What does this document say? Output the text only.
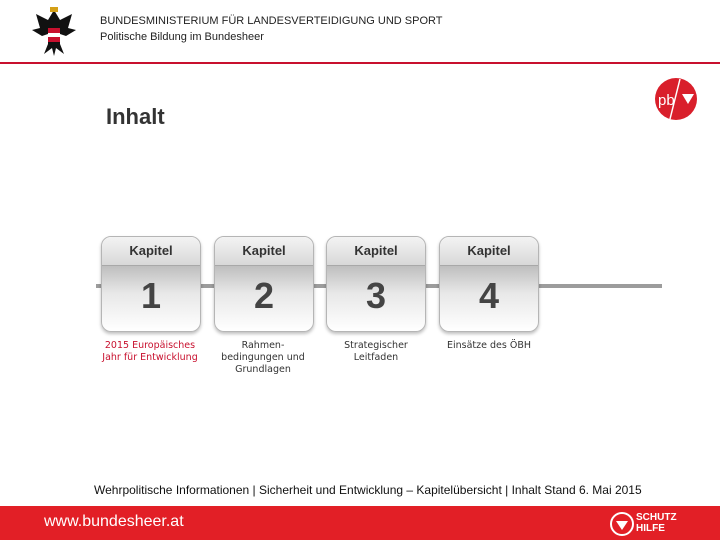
BUNDESMINISTERIUM FÜR LANDESVERTEIDIGUNG UND SPORT
Politische Bildung im Bundesheer
pb
Inhalt
Kapitel
1
Kapitel
2
Kapitel
3
Kapitel
4
2015 Europäisches Jahr für Entwicklung
Rahmen-bedingungen und Grundlagen
Strategischer Leitfaden
Einsätze des ÖBH
Wehrpolitische Informationen | Sicherheit und Entwicklung – Kapitelübersicht | Inhalt Stand 6. Mai 2015
www.bundesheer.at	SCHUTZ
HILFE
